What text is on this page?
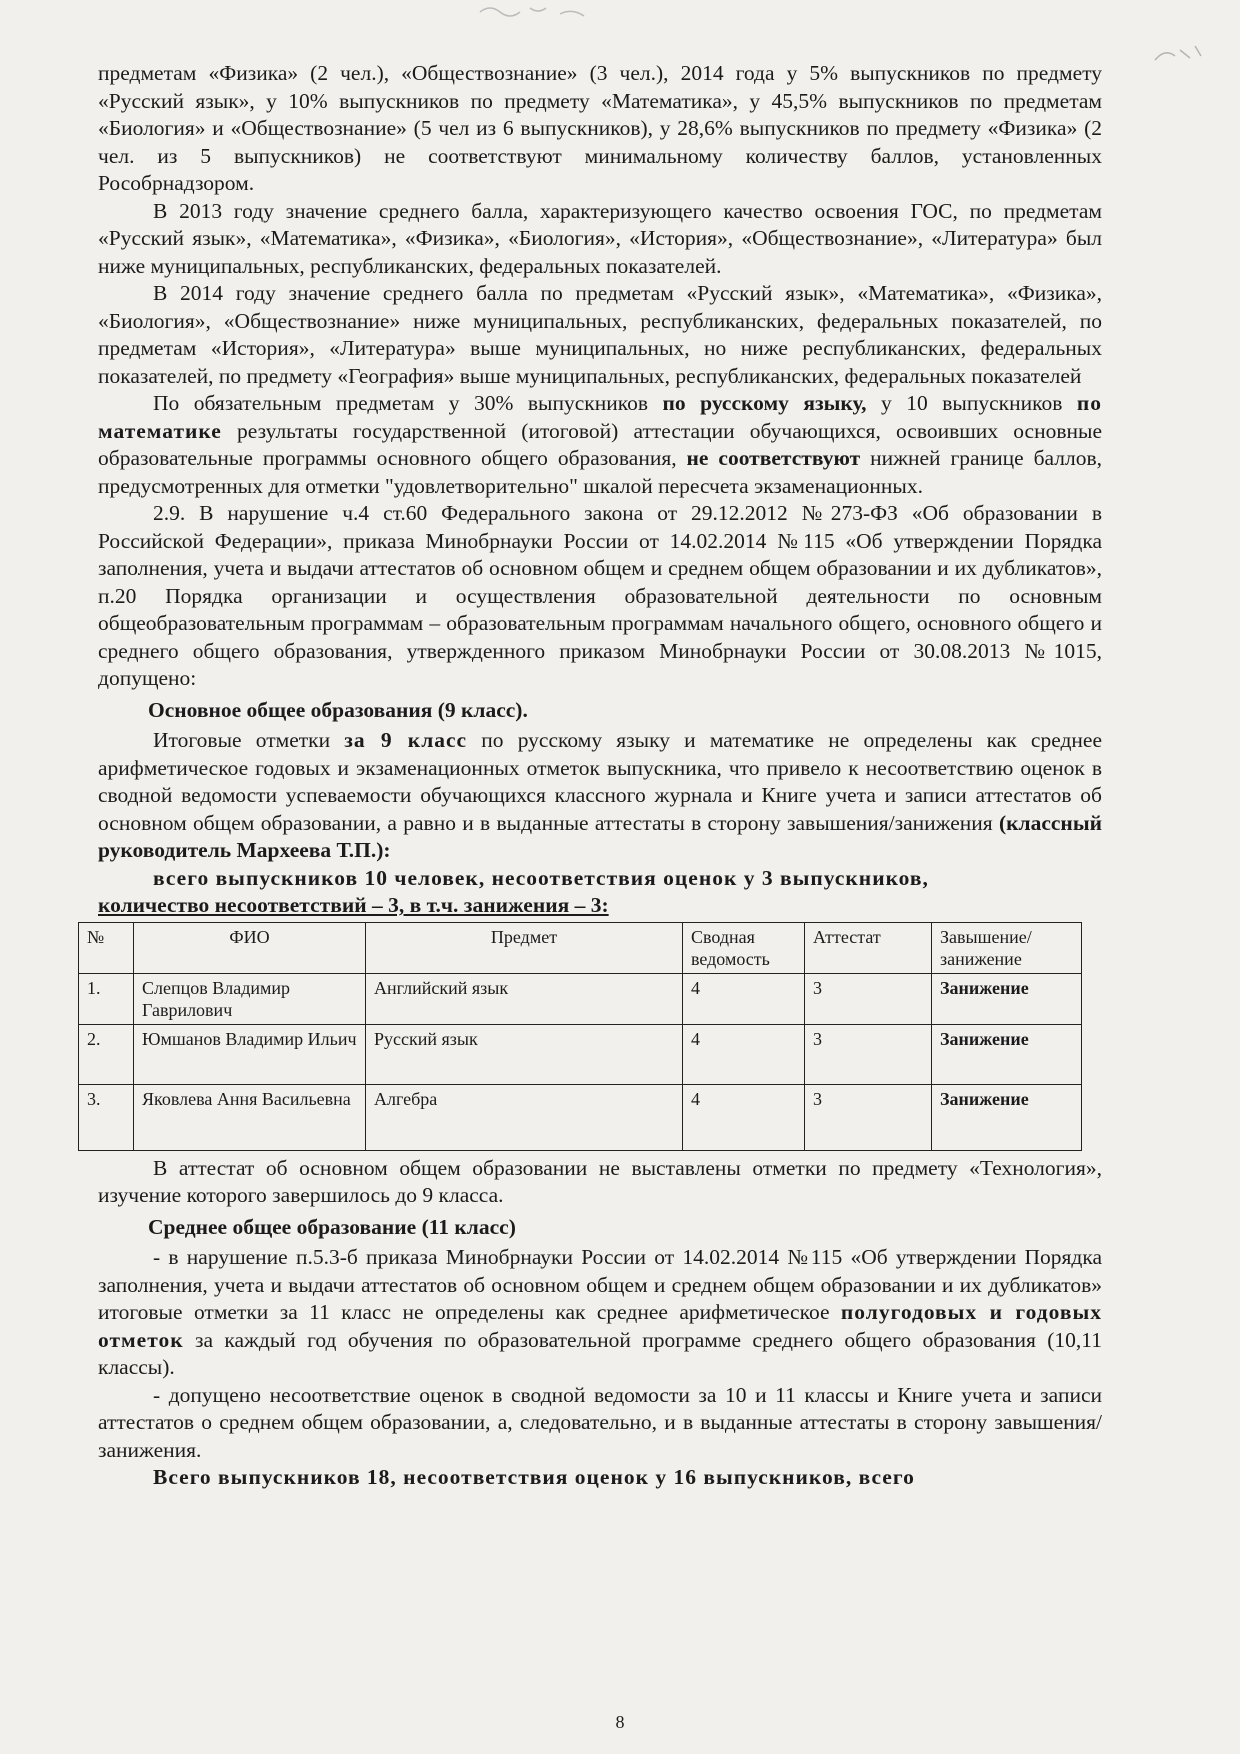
предметам «Физика» (2 чел.), «Обществознание» (3 чел.), 2014 года у 5% выпускников по предмету «Русский язык», у 10% выпускников по предмету «Математика», у 45,5% выпускников по предметам «Биология» и «Обществознание» (5 чел из 6 выпускников), у 28,6% выпускников по предмету «Физика» (2 чел. из 5 выпускников) не соответствуют минимальному количеству баллов, установленных Рособрнадзором.

В 2013 году значение среднего балла, характеризующего качество освоения ГОС, по предметам «Русский язык», «Математика», «Физика», «Биология», «История», «Обществознание», «Литература» был ниже муниципальных, республиканских, федеральных показателей.

В 2014 году значение среднего балла по предметам «Русский язык», «Математика», «Физика», «Биология», «Обществознание» ниже муниципальных, республиканских, федеральных показателей, по предметам «История», «Литература» выше муниципальных, но ниже республиканских, федеральных показателей, по предмету «География» выше муниципальных, республиканских, федеральных показателей

По обязательным предметам у 30% выпускников по русскому языку, у 10 выпускников по математике результаты государственной (итоговой) аттестации обучающихся, освоивших основные образовательные программы основного общего образования, не соответствуют нижней границе баллов, предусмотренных для отметки "удовлетворительно" шкалой пересчета экзаменационных.

2.9. В нарушение ч.4 ст.60 Федерального закона от 29.12.2012 №273-ФЗ «Об образовании в Российской Федерации», приказа Минобрнауки России от 14.02.2014 №115 «Об утверждении Порядка заполнения, учета и выдачи аттестатов об основном общем и среднем общем образовании и их дубликатов», п.20 Порядка организации и осуществления образовательной деятельности по основным общеобразовательным программам – образовательным программам начального общего, основного общего и среднего общего образования, утвержденного приказом Минобрнауки России от 30.08.2013 №1015, допущено:

Основное общее образования (9 класс).

Итоговые отметки за 9 класс по русскому языку и математике не определены как среднее арифметическое годовых и экзаменационных отметок выпускника, что привело к несоответствию оценок в сводной ведомости успеваемости обучающихся классного журнала и Книге учета и записи аттестатов об основном общем образовании, а равно и в выданные аттестаты в сторону завышения/занижения (классный руководитель Мархеева Т.П.):

всего выпускников 10 человек, несоответствия оценок у 3 выпускников,

количество несоответствий – 3, в т.ч. занижения – 3:

№	ФИО	Предмет	Сводная ведомость	Аттестат	Завышение/ занижение
1.	Слепцов Владимир Гаврилович	Английский язык	4	3	Занижение
2.	Юмшанов Владимир Ильич	Русский язык	4	3	Занижение
3.	Яковлева Ання Васильевна	Алгебра	4	3	Занижение

В аттестат об основном общем образовании не выставлены отметки по предмету «Технология», изучение которого завершилось до 9 класса.

Среднее общее образование (11 класс)

- в нарушение п.5.3-б приказа Минобрнауки России от 14.02.2014 №115 «Об утверждении Порядка заполнения, учета и выдачи аттестатов об основном общем и среднем общем образовании и их дубликатов» итоговые отметки за 11 класс не определены как среднее арифметическое полугодовых и годовых отметок за каждый год обучения по образовательной программе среднего общего образования (10,11 классы).

- допущено несоответствие оценок в сводной ведомости за 10 и 11 классы и Книге учета и записи аттестатов о среднем общем образовании, а, следовательно, и в выданные аттестаты в сторону завышения/занижения.

Всего выпускников 18, несоответствия оценок у 16 выпускников, всего

8
